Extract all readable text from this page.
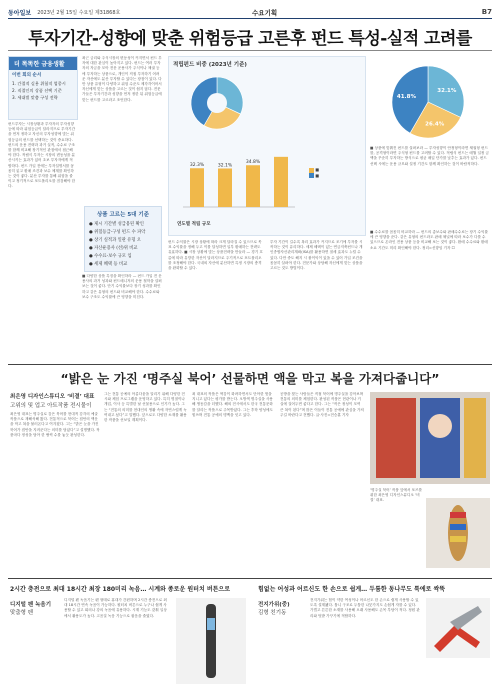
동아일보 2023년 2월 15일 수요일 제31868호	수요기획	B7
투자기간-성향에 맞춘 위험등급 고른후 펀드 특성-실적 고려를
더 똑똑한 금융생활
이번 회의 순서
1. 간접적 실용 위험적 업종시
2. 직접인의 상품 선택 기준
3. 세대별 맞춤 구성 전략
펀드투자는 시장상황과 투자자의 투자성향 등에 따라 위험등급이 달라지므로 투자기간을 먼저 정하고 자신의 투자성향에 맞는 위험등급의 펀드를 선택하는 것이 중요하다. 펀드의 운용 전략과 과거 실적, 수수료 구조를 함께 비교해 장기적인 관점에서 접근해야 한다. 적립식 투자는 시장의 변동성을 분산시키는 효과가 있어 초보 투자자에게 적합하다. 펀드 가입 전에는 투자설명서를 꼼꼼히 읽고 환매 조건과 보수 체계를 확인하는 것이 좋다. 분산 투자를 통해 위험을 줄이고 정기적으로 포트폴리오를 점검해야 한다.
최근 금리와 주식시장의 변동성이 커지면서 펀드 투자에 대한 관심이 높아지고 있다. 펀드는 여러 투자자의 자금을 모아 전문 운용사가 주식이나 채권 등에 투자하는 상품으로, 개인이 직접 투자하기 어려운 자산에도 분산 투자할 수 있다는 장점이 있다. 다만 상품 유형이 다양하고 위험 수준도 제각각이어서 자신에게 맞는 상품을 고르는 것이 쉽지 않다. 전문가들은 투자기간과 성향을 먼저 정한 뒤 위험등급에 맞는 펀드를 고르라고 조언한다.
상품 고르는 5대 기준
● 제시 기간별 성급용된 확인
● 위험등급-구성 펀드 수 파악
● 상기 실적과 일관 유형 오
● 자산운용사 (선)위 비교
● 수수료-보수 규모 입
● 세제 혜택 등 비교
■ 다양한 상품 특징을 확인하라 — 펀드 가입 전 운용사의 과거 성과와 펀드매니저의 운용 철학을 살펴보는 것이 좋다. 단기 수익률보다 장기 성과를 확인하고 같은 유형의 펀드와 비교해야 한다. 수수료와 보수 구조도 수익률에 큰 영향을 미친다.
적립펀드 비중 (2023년 기준)
32.3%	32.1%
34.8%
연도별 적립 규모
■
■
32.1%
26.4%
41.8%
■ 상품에 맞춰진 펀드를 살펴보라 — 투자성향이 안정형이라면 채권형 펀드를, 공격형이라면 주식형 펀드를 고려할 수 있다. 적립식 펀드는 매월 일정 금액을 꾸준히 투자하는 방식으로 평균 매입 단가를 낮추는 효과가 있다. 펀드 선택 시에는 운용 규모와 설정 기간도 함께 확인하는 것이 바람직하다.
펀드 수익률은 시장 상황에 따라 크게 달라질 수 있으므로 목표 수익률을 정해 두고 이를 달성하면 일부 환매하는 전략도 유효하다. ■ 시장 상황에 맞는 상품전략을 만들라 — 경기 흐름에 따라 유망한 자산이 달라지므로 주기적으로 포트폴리오를 조정해야 한다. 국내외 자산에 분산하면 특정 시장의 충격을 완화할 수 있다.
투자 기간이 길수록 복리 효과가 커지므로 조기에 투자를 시작하는 것이 유리하다. 세제 혜택이 있는 연금저축펀드나 개인종합자산관리계좌(ISA)를 활용하면 절세 효과도 누릴 수 있다. 다만 중도 해지 시 불이익이 있을 수 있어 가입 조건을 꼼꼼히 살펴야 한다. 전문가와 상담해 자신에게 맞는 상품을 고르는 것도 방법이다.
■ 수수료를 꼼꼼히 비교하라 — 펀드의 총보수와 판매수수료는 장기 수익률에 큰 영향을 준다. 같은 유형의 펀드라도 판매 채널에 따라 보수가 다를 수 있으므로 온라인 전용 상품 등을 비교해 보는 것이 좋다. 환매 수수료와 환매 소요 기간도 미리 확인해야 한다. 정리=신향임 기자 ☐
“밝은 눈 가진 ‘명주실 북어’ 선물하면 액을 막고 복을 가져다줍니다”
최은영 디자인스튜디오 ‘비결’ 대표
고위의 및 업고 아트작품 전시물이
최은영 대표는 명주실로 감은 북어를 현대적 감각의 예술 작품으로 재해석해 왔다. 전통적으로 북어는 집안의 액운을 막고 복을 불러온다고 여겨졌다. 그는 “밝은 눈을 가진 북어가 집안을 지켜준다는 의미를 담았다”고 설명했다. 작품마다 정성을 담아 한 땀씩 수를 놓듯 완성한다.
그는 전통 공예의 아름다움을 알리기 위해 다양한 전시와 체험 프로그램을 운영하고 있다. 특히 명절이나 개업, 이사 등 특별한 날 선물용으로 인기가 높다. 그는 “전통의 의미를 현대인의 생활 속에 자연스럽게 녹여내고 싶다”고 말했다. 앞으로도 다양한 소재를 활용한 작품을 선보일 계획이다.
최 대표의 작품은 색감이 화려하면서도 단아한 멋을 지니고 있다는 평가를 받는다. 오방색 명주실을 사용해 생동감을 더했다. 해외 전시에서도 한국 전통문화를 알리는 작품으로 주목받았다. 그는 후학 양성에도 힘쓰며 전통 공예의 명맥을 잇고 있다.
공방을 찾는 사람들은 직접 북어에 명주실을 감아보며 전통의 의미를 체험한다. 완성된 작품은 현관이나 거실에 걸어두면 좋다고 한다. 그는 “작은 정성이 모여 큰 복이 된다”며 많은 이들이 전통 공예에 관심을 가져주길 바란다고 전했다. 글·사진=전승훈 기자
‘명주실 북어’ 작품 앞에서 포즈를 취한 최은영 디자인스튜디오 ‘비결’ 대표.
2시간 충전으로 최대 18시간 최장 180미리 녹음… 시계와 종로운 원터치 버튼으로	힘없는 어성과 어르신도 한 손으로 쉽게… 두툼한 동나무도 툭에로 싹뚝
디지털 펜 녹음기
맞춤형 펜
디지털 펜 녹음기는 펜 형태로 휴대가 간편하며 2시간 충전으로 최대 18시간 연속 녹음이 가능하다. 원터치 버튼으로 누구나 쉽게 사용할 수 있고 회의나 강의 녹음에 유용하다. 시계 기능도 갖춰 일상에서 활용도가 높다. 고음질 녹음 기능으로 잡음을 줄였다.
전지가위(중)
김형 친기동
전지가위는 힘이 약한 여성이나 어르신도 한 손으로 쉽게 사용할 수 있도록 설계됐다. 톱니 구조로 두툼한 나뭇가지도 손쉽게 자를 수 있다. 가볍고 튼튼한 소재를 사용해 오래 사용해도 손목 부담이 적다. 정원 관리와 텃밭 가꾸기에 적합하다.
